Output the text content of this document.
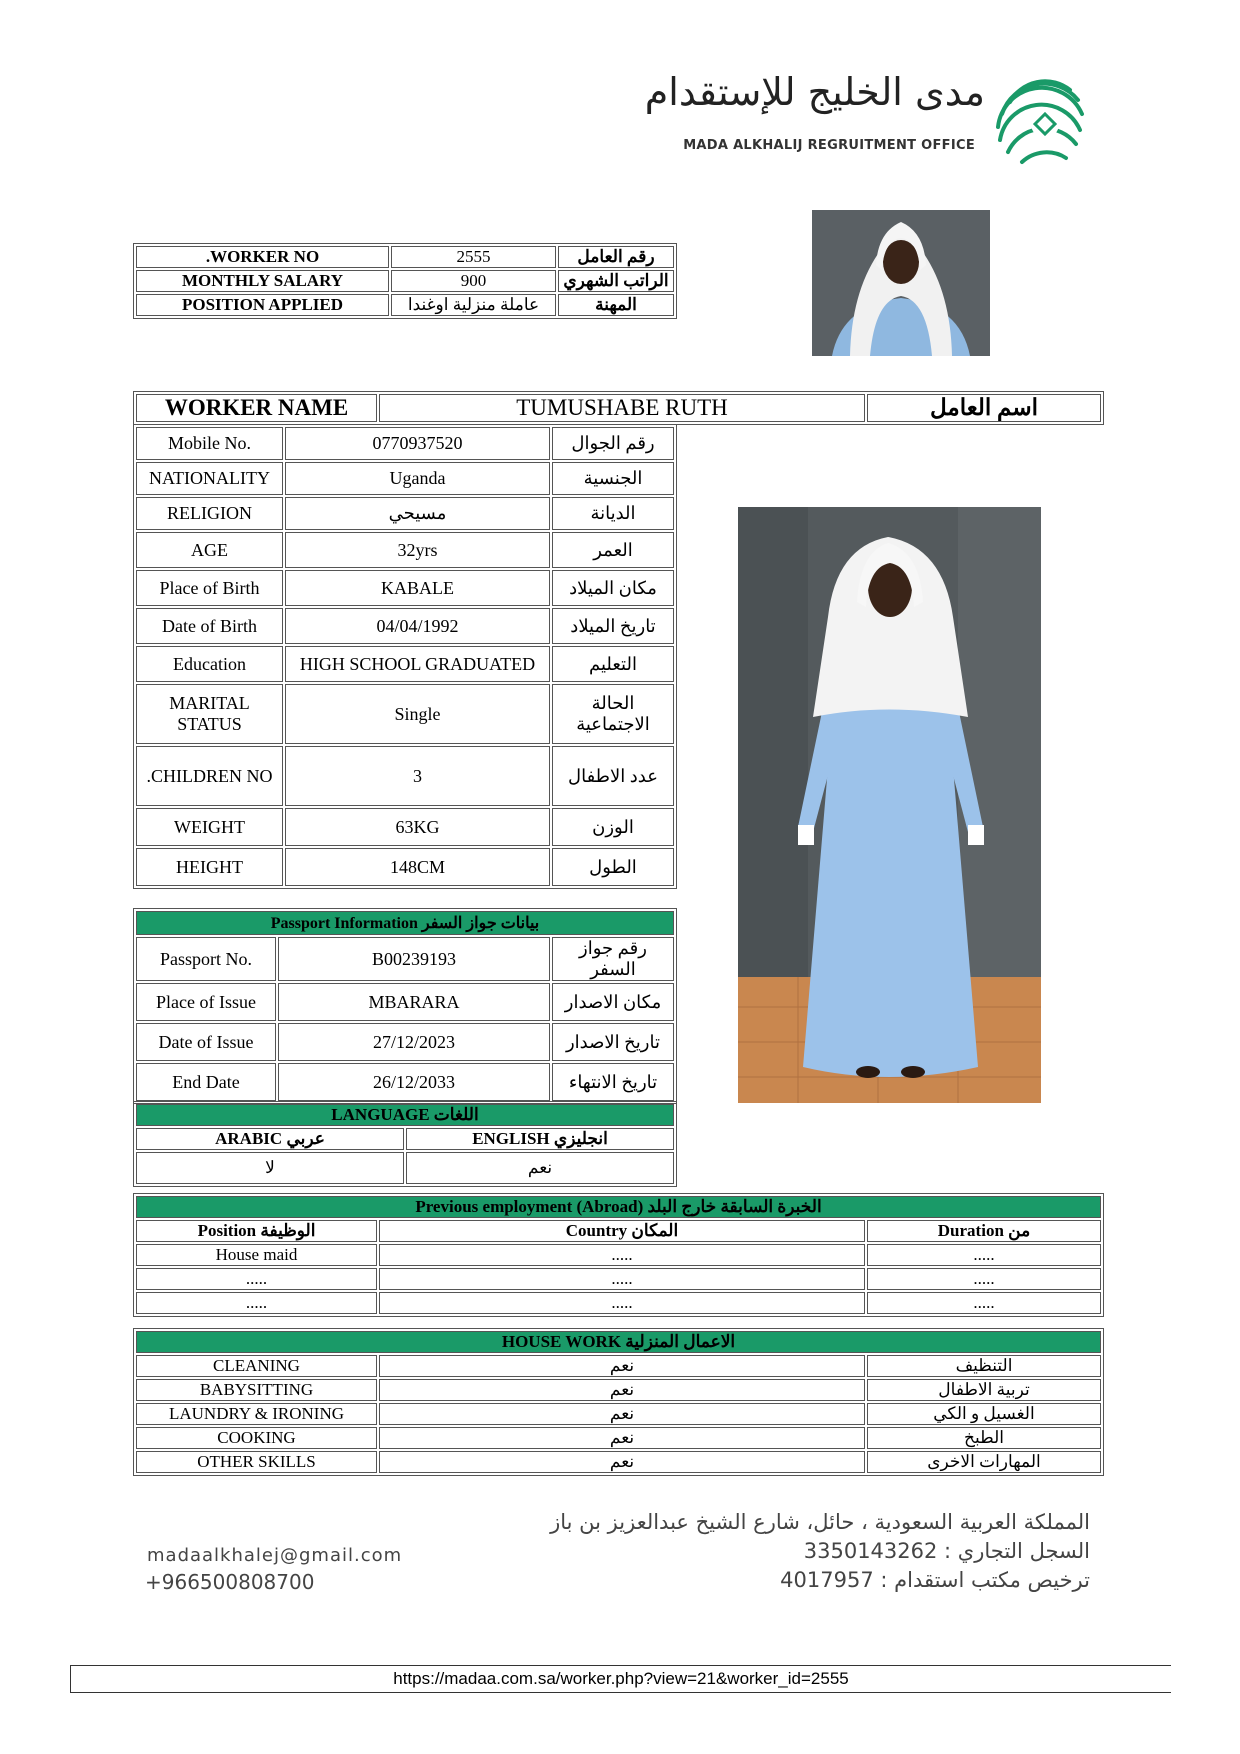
مدى الخليج للإستقدام
MADA ALKHALIJ REGRUITMENT OFFICE
.WORKER NO	2555	رقم العامل
MONTHLY SALARY	900	الراتب الشهري
POSITION APPLIED	عاملة منزلية اوغندا	المهنة
WORKER NAME	TUMUSHABE RUTH	اسم العامل
Mobile No.	0770937520	رقم الجوال
NATIONALITY	Uganda	الجنسية
RELIGION	مسيحي	الديانة
AGE	32yrs	العمر
Place of Birth	KABALE	مكان الميلاد
Date of Birth	04/04/1992	تاريخ الميلاد
Education	HIGH SCHOOL GRADUATED	التعليم
MARITAL STATUS	Single	الحالة الاجتماعية
.CHILDREN NO	3	عدد الاطفال
WEIGHT	63KG	الوزن
HEIGHT	148CM	الطول
Passport Information بيانات جواز السفر		
Passport No.	B00239193	رقم جواز السفر
Place of Issue	MBARARA	مكان الاصدار
Date of Issue	27/12/2023	تاريخ الاصدار
End Date	26/12/2033	تاريخ الانتهاء
LANGUAGE اللغات	
ARABIC عربي	ENGLISH انجليزي
لا	نعم
Previous employment (Abroad) الخبرة السابقة خارج البلد		
Position الوظيفة	Country المكان	Duration من
House maid	.....	.....
.....	.....	.....
.....	.....	.....
HOUSE WORK الاعمال المنزلية		
CLEANING	نعم	التنظيف
BABYSITTING	نعم	تربية الاطفال
LAUNDRY & IRONING	نعم	الغسيل و الكي
COOKING	نعم	الطبخ
OTHER SKILLS	نعم	المهارات الاخرى
madaalkhalej@gmail.com
+966500808700
المملكة العربية السعودية ، حائل، شارع الشيخ عبدالعزيز بن باز
السجل التجاري : 3350143262
ترخيص مكتب استقدام : 4017957
https://madaa.com.sa/worker.php?view=21&worker_id=2555
